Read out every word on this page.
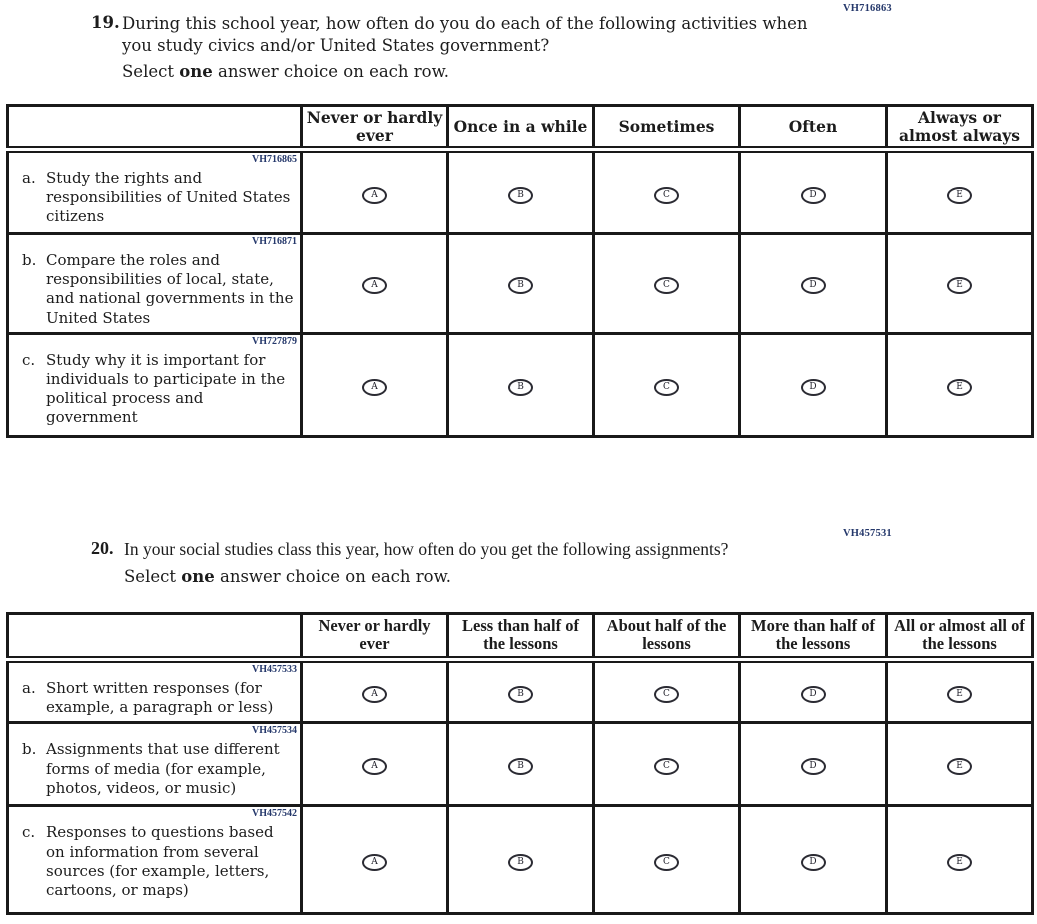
VH716863
19. During this school year, how often do you do each of the following activities when you study civics and/or United States government?
Select one answer choice on each row.
	Never or hardly ever	Once in a while	Sometimes	Often	Always or almost always

VH716865
a. Study the rights and responsibilities of United States citizens	A	B	C	D	E

VH716871
b. Compare the roles and responsibilities of local, state, and national governments in the United States	A	B	C	D	E

VH727879
c. Study why it is important for individuals to participate in the political process and government	A	B	C	D	E
VH457531
20. In your social studies class this year, how often do you get the following assignments?
Select one answer choice on each row.
	Never or hardly ever	Less than half of the lessons	About half of the lessons	More than half of the lessons	All or almost all of the lessons

VH457533
a. Short written responses (for example, a paragraph or less)	A	B	C	D	E

VH457534
b. Assignments that use different forms of media (for example, photos, videos, or music)	A	B	C	D	E

VH457542
c. Responses to questions based on information from several sources (for example, letters, cartoons, or maps)	A	B	C	D	E
